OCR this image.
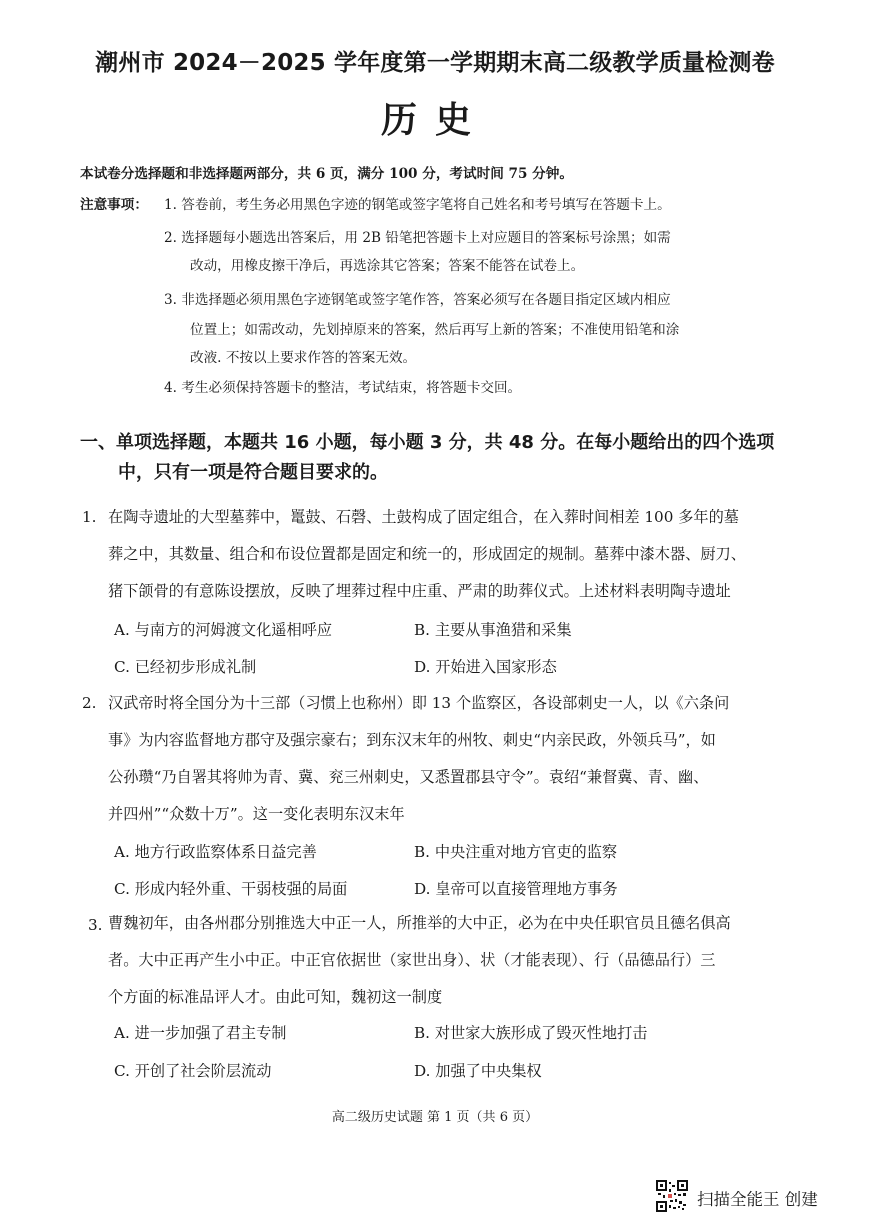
潮州市 2024－2025 学年度第一学期期末高二级教学质量检测卷
历史
本试卷分选择题和非选择题两部分，共 6 页，满分 100 分，考试时间 75 分钟。
注意事项： 1. 答卷前，考生务必用黑色字迹的钢笔或签字笔将自己姓名和考号填写在答题卡上。
2. 选择题每小题选出答案后，用 2B 铅笔把答题卡上对应题目的答案标号涂黑；如需
改动，用橡皮擦干净后，再选涂其它答案；答案不能答在试卷上。
3. 非选择题必须用黑色字迹钢笔或签字笔作答，答案必须写在各题目指定区域内相应
位置上；如需改动，先划掉原来的答案，然后再写上新的答案；不准使用铅笔和涂
改液. 不按以上要求作答的答案无效。
4. 考生必须保持答题卡的整洁，考试结束，将答题卡交回。
一、单项选择题，本题共 16 小题，每小题 3 分，共 48 分。在每小题给出的四个选项
中，只有一项是符合题目要求的。
1. 在陶寺遗址的大型墓葬中，鼍鼓、石磬、土鼓构成了固定组合，在入葬时间相差 100 多年的墓
葬之中，其数量、组合和布设位置都是固定和统一的，形成固定的规制。墓葬中漆木器、厨刀、
猪下颌骨的有意陈设摆放，反映了埋葬过程中庄重、严肃的助葬仪式。上述材料表明陶寺遗址
A. 与南方的河姆渡文化遥相呼应	B. 主要从事渔猎和采集
C. 已经初步形成礼制	D. 开始进入国家形态
2. 汉武帝时将全国分为十三部（习惯上也称州）即 13 个监察区，各设部刺史一人，以《六条问
事》为内容监督地方郡守及强宗豪右；到东汉末年的州牧、刺史“内亲民政，外领兵马”，如
公孙瓒“乃自署其将帅为青、冀、兖三州刺史，又悉置郡县守令”。袁绍“兼督冀、青、幽、
并四州”“众数十万”。这一变化表明东汉末年
A. 地方行政监察体系日益完善	B. 中央注重对地方官吏的监察
C. 形成内轻外重、干弱枝强的局面	D. 皇帝可以直接管理地方事务
3. 曹魏初年，由各州郡分别推选大中正一人，所推举的大中正，必为在中央任职官员且德名俱高
者。大中正再产生小中正。中正官依据世（家世出身）、状（才能表现）、行（品德品行）三
个方面的标准品评人才。由此可知，魏初这一制度
A. 进一步加强了君主专制	B. 对世家大族形成了毁灭性地打击
C. 开创了社会阶层流动	D. 加强了中央集权
高二级历史试题 第 1 页（共 6 页）
扫描全能王 创建
